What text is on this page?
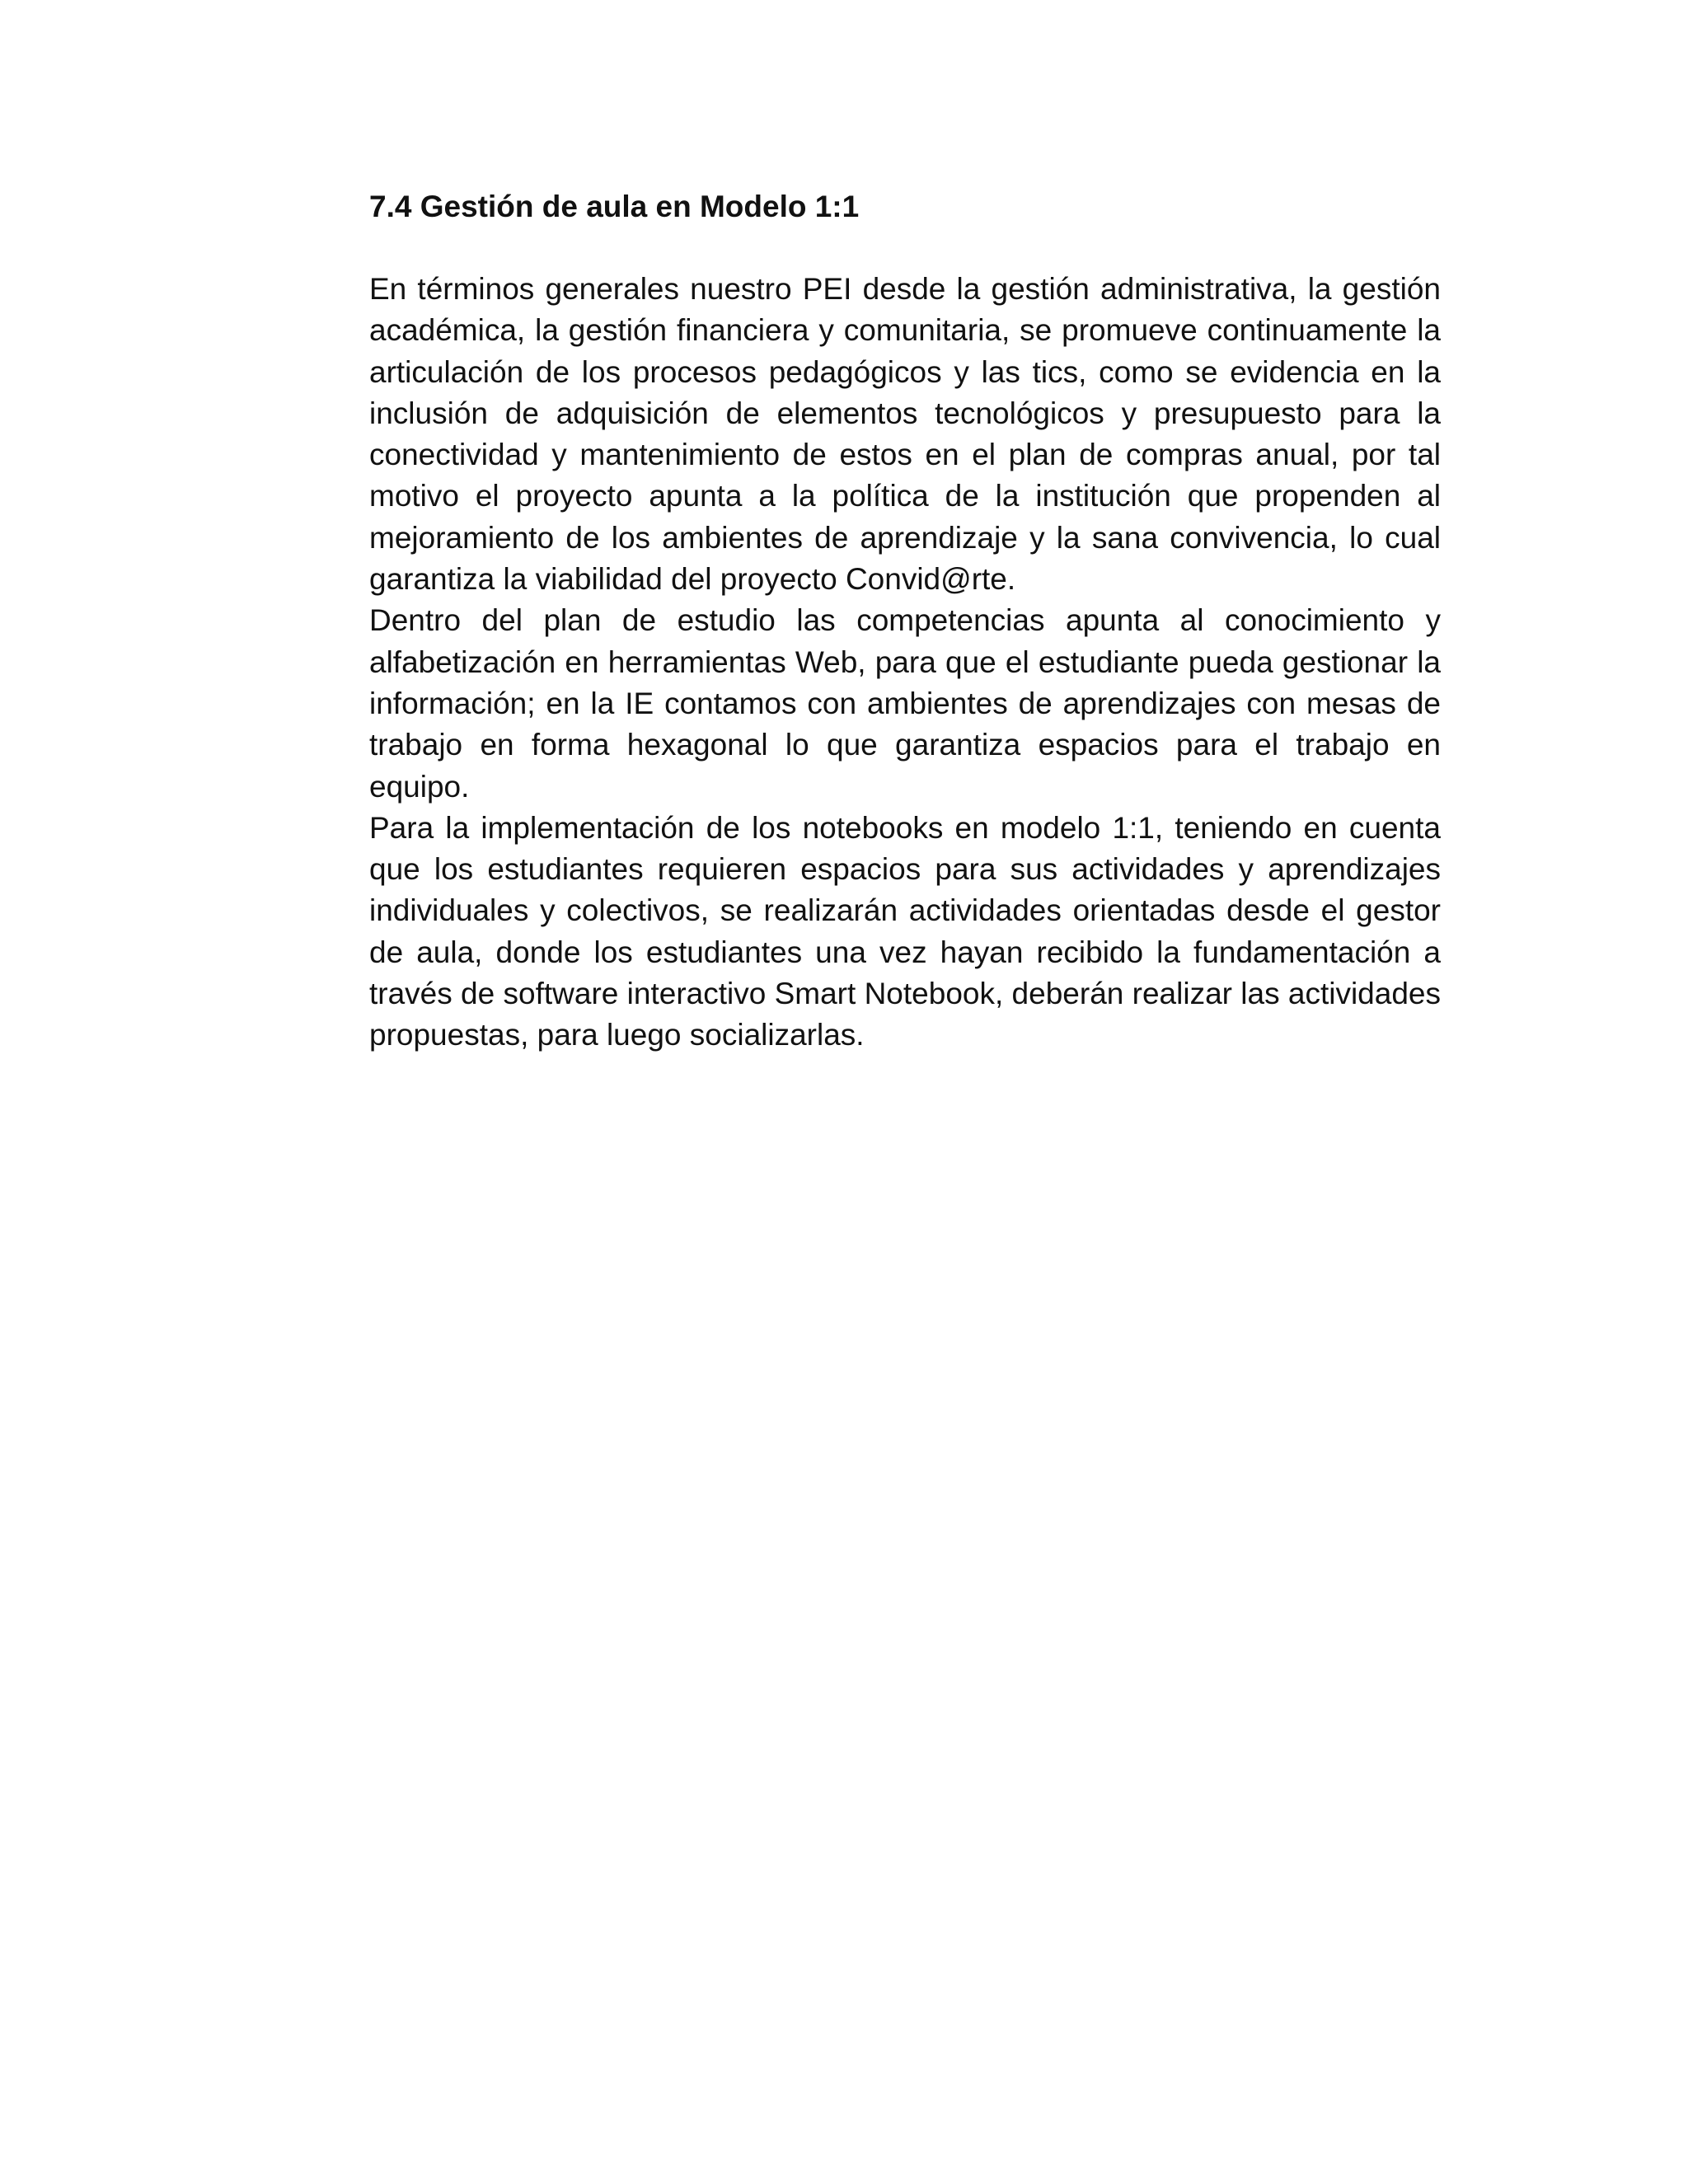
7.4 Gestión de aula en Modelo 1:1

En términos generales nuestro PEI desde la gestión administrativa, la gestión académica, la gestión financiera y comunitaria, se promueve continuamente la articulación de los procesos pedagógicos y las tics, como se evidencia en la inclusión de adquisición de elementos tecnológicos y presupuesto para la conectividad y mantenimiento de estos en el plan de compras anual, por tal motivo el proyecto apunta a la política de la institución que propenden al mejoramiento de los ambientes de aprendizaje y la sana convivencia, lo cual garantiza la viabilidad del proyecto Convid@rte.

Dentro del plan de estudio las competencias apunta al conocimiento y alfabetización en herramientas Web, para que el estudiante pueda gestionar la información; en la IE contamos con ambientes de aprendizajes con mesas de trabajo en forma hexagonal lo que garantiza espacios para el trabajo en equipo.

Para la implementación de los notebooks en modelo 1:1, teniendo en cuenta que los estudiantes requieren espacios para sus actividades y aprendizajes individuales y colectivos, se realizarán actividades orientadas desde el gestor de aula, donde los estudiantes una vez hayan recibido la fundamentación a través de software interactivo Smart Notebook, deberán realizar las actividades propuestas, para luego socializarlas.
